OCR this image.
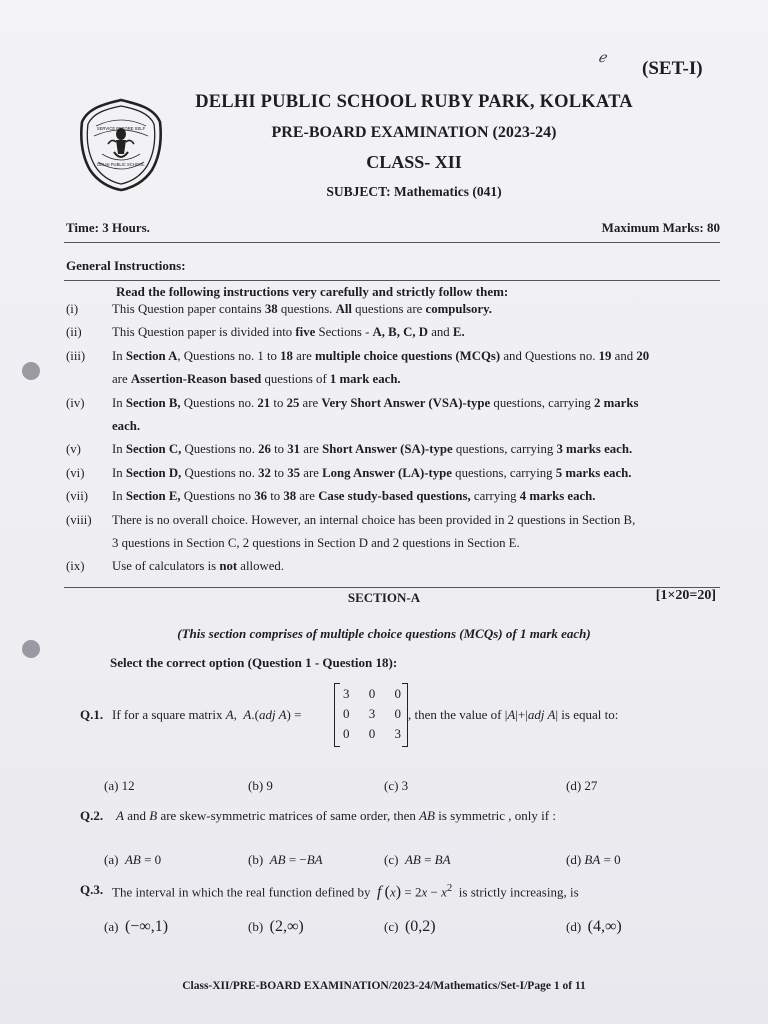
ℯ (SET-I)
SERVICE BEFORE SELF
DELHI PUBLIC SCHOOL
DELHI PUBLIC SCHOOL RUBY PARK, KOLKATA
PRE-BOARD EXAMINATION (2023-24)
CLASS- XII
SUBJECT: Mathematics (041)
Time: 3 Hours.	Maximum Marks: 80
General Instructions:
Read the following instructions very carefully and strictly follow them:
(i)	This Question paper contains 38 questions. All questions are compulsory.
(ii) This Question paper is divided into five Sections - A, B, C, D and E.
(iii) In Section A, Questions no. 1 to 18 are multiple choice questions (MCQs) and Questions no. 19 and 20
are Assertion-Reason based questions of 1 mark each.
(iv) In Section B, Questions no. 21 to 25 are Very Short Answer (VSA)-type questions, carrying 2 marks
each.
(v) In Section C, Questions no. 26 to 31 are Short Answer (SA)-type questions, carrying 3 marks each.
(vi) In Section D, Questions no. 32 to 35 are Long Answer (LA)-type questions, carrying 5 marks each.
(vii) In Section E, Questions no 36 to 38 are Case study-based questions, carrying 4 marks each.
(viii) There is no overall choice. However, an internal choice has been provided in 2 questions in Section B,
3 questions in Section C, 2 questions in Section D and 2 questions in Section E.
(ix) Use of calculators is not allowed.
SECTION-A	[1×20=20]
(This section comprises of multiple choice questions (MCQs) of 1 mark each)
Select the correct option (Question 1 - Question 18):
Q.1. If for a square matrix A,  A.(adj A) =
3 0 0
0 3 0
0 0 3
, then the value of |A|+|adj A| is equal to:
(a) 12	(b) 9	(c) 3	(d) 27
Q.2. A and B are skew-symmetric matrices of same order, then AB is symmetric , only if :
(a)  AB = 0	(b)  AB = −BA	(c)  AB = BA	(d) BA = 0
Q.3. The interval in which the real function defined by  f $(x) = 2x - x^2$  is strictly increasing, is
(a)  (−∞,1)	(b)  (2,∞)	(c)  (0,2)	(d)  (4,∞)
Class-XII/PRE-BOARD EXAMINATION/2023-24/Mathematics/Set-I/Page 1 of 11
